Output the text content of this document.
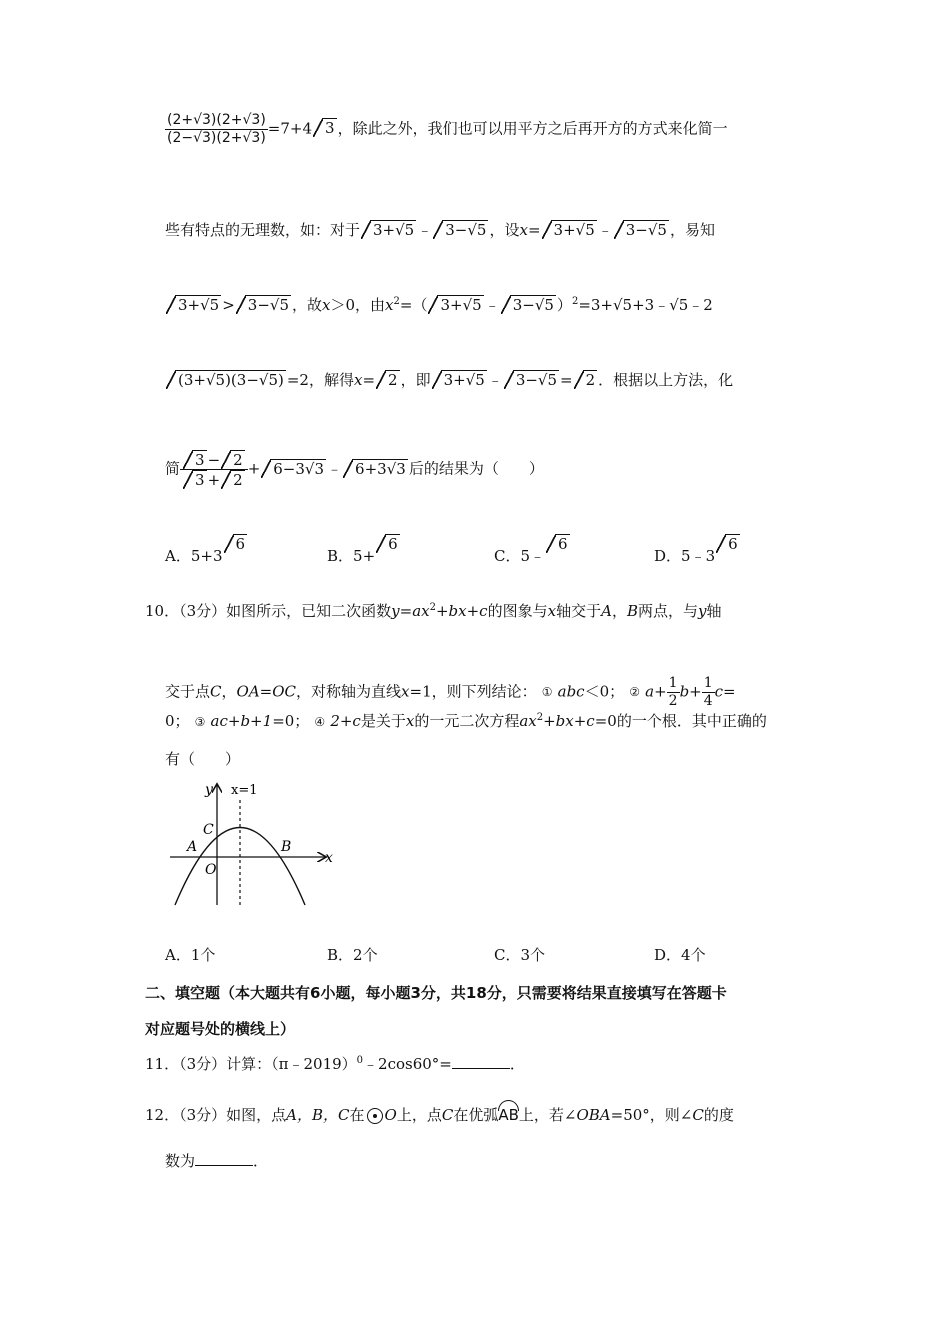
$\frac{(2+√3)(2+√3)}{(2-√3)(2+√3)} =7+4$ 3 ，除此之外，我们也可以用平方之后再开方的方式来化简一
些有特点的无理数，如：对于 3+√5 ﹣ 3−√5 ，设x= 3+√5 ﹣ 3−√5 ，易知
3+√5 > 3−√5 ，故x＞0，由$x^2=$（ 3+√5 ﹣ 3−√5 ）$^2$=3+√5+3﹣√5﹣2
(3+√5)(3−√5) =2，解得x= 2 ，即 3+√5 ﹣ 3−√5 = 2 ．根据以上方法，化
简 $\frac{3 - 2}{3 + 2} + 6-3√3$ ﹣ 6+3√3 后的结果为（　　）
A．5+36
B．5+6
C．5﹣6
D．5﹣36
10．（3分）如图所示，已知二次函数$y=ax^2+bx+c$的图象与x轴交于A，B两点，与y轴
交于点C，OA=OC，对称轴为直线x=1，则下列结论： ① abc＜0； ② $a+ \frac{1}{2} b+ \frac{1}{4} c=$
0； ③ ac+b+1=0； ④ 2+c是关于x的一元二次方程$ax^2+bx+c=0$的一个根．其中正确的
有（　　）
y x=1
x
A	B
C
O
A．1个	B．2个	C．3个	D．4个
二、填空题（本大题共有6小题，每小题3分，共18分，只需要将结果直接填写在答题卡
对应题号处的横线上）
11．（3分）计算：（π﹣2019）$^0$﹣2cos60°=	．
12．（3分）如图，点A，B，C在 O上，点C在优弧AB上，若∠OBA=50°，则∠C的度
数为	．
